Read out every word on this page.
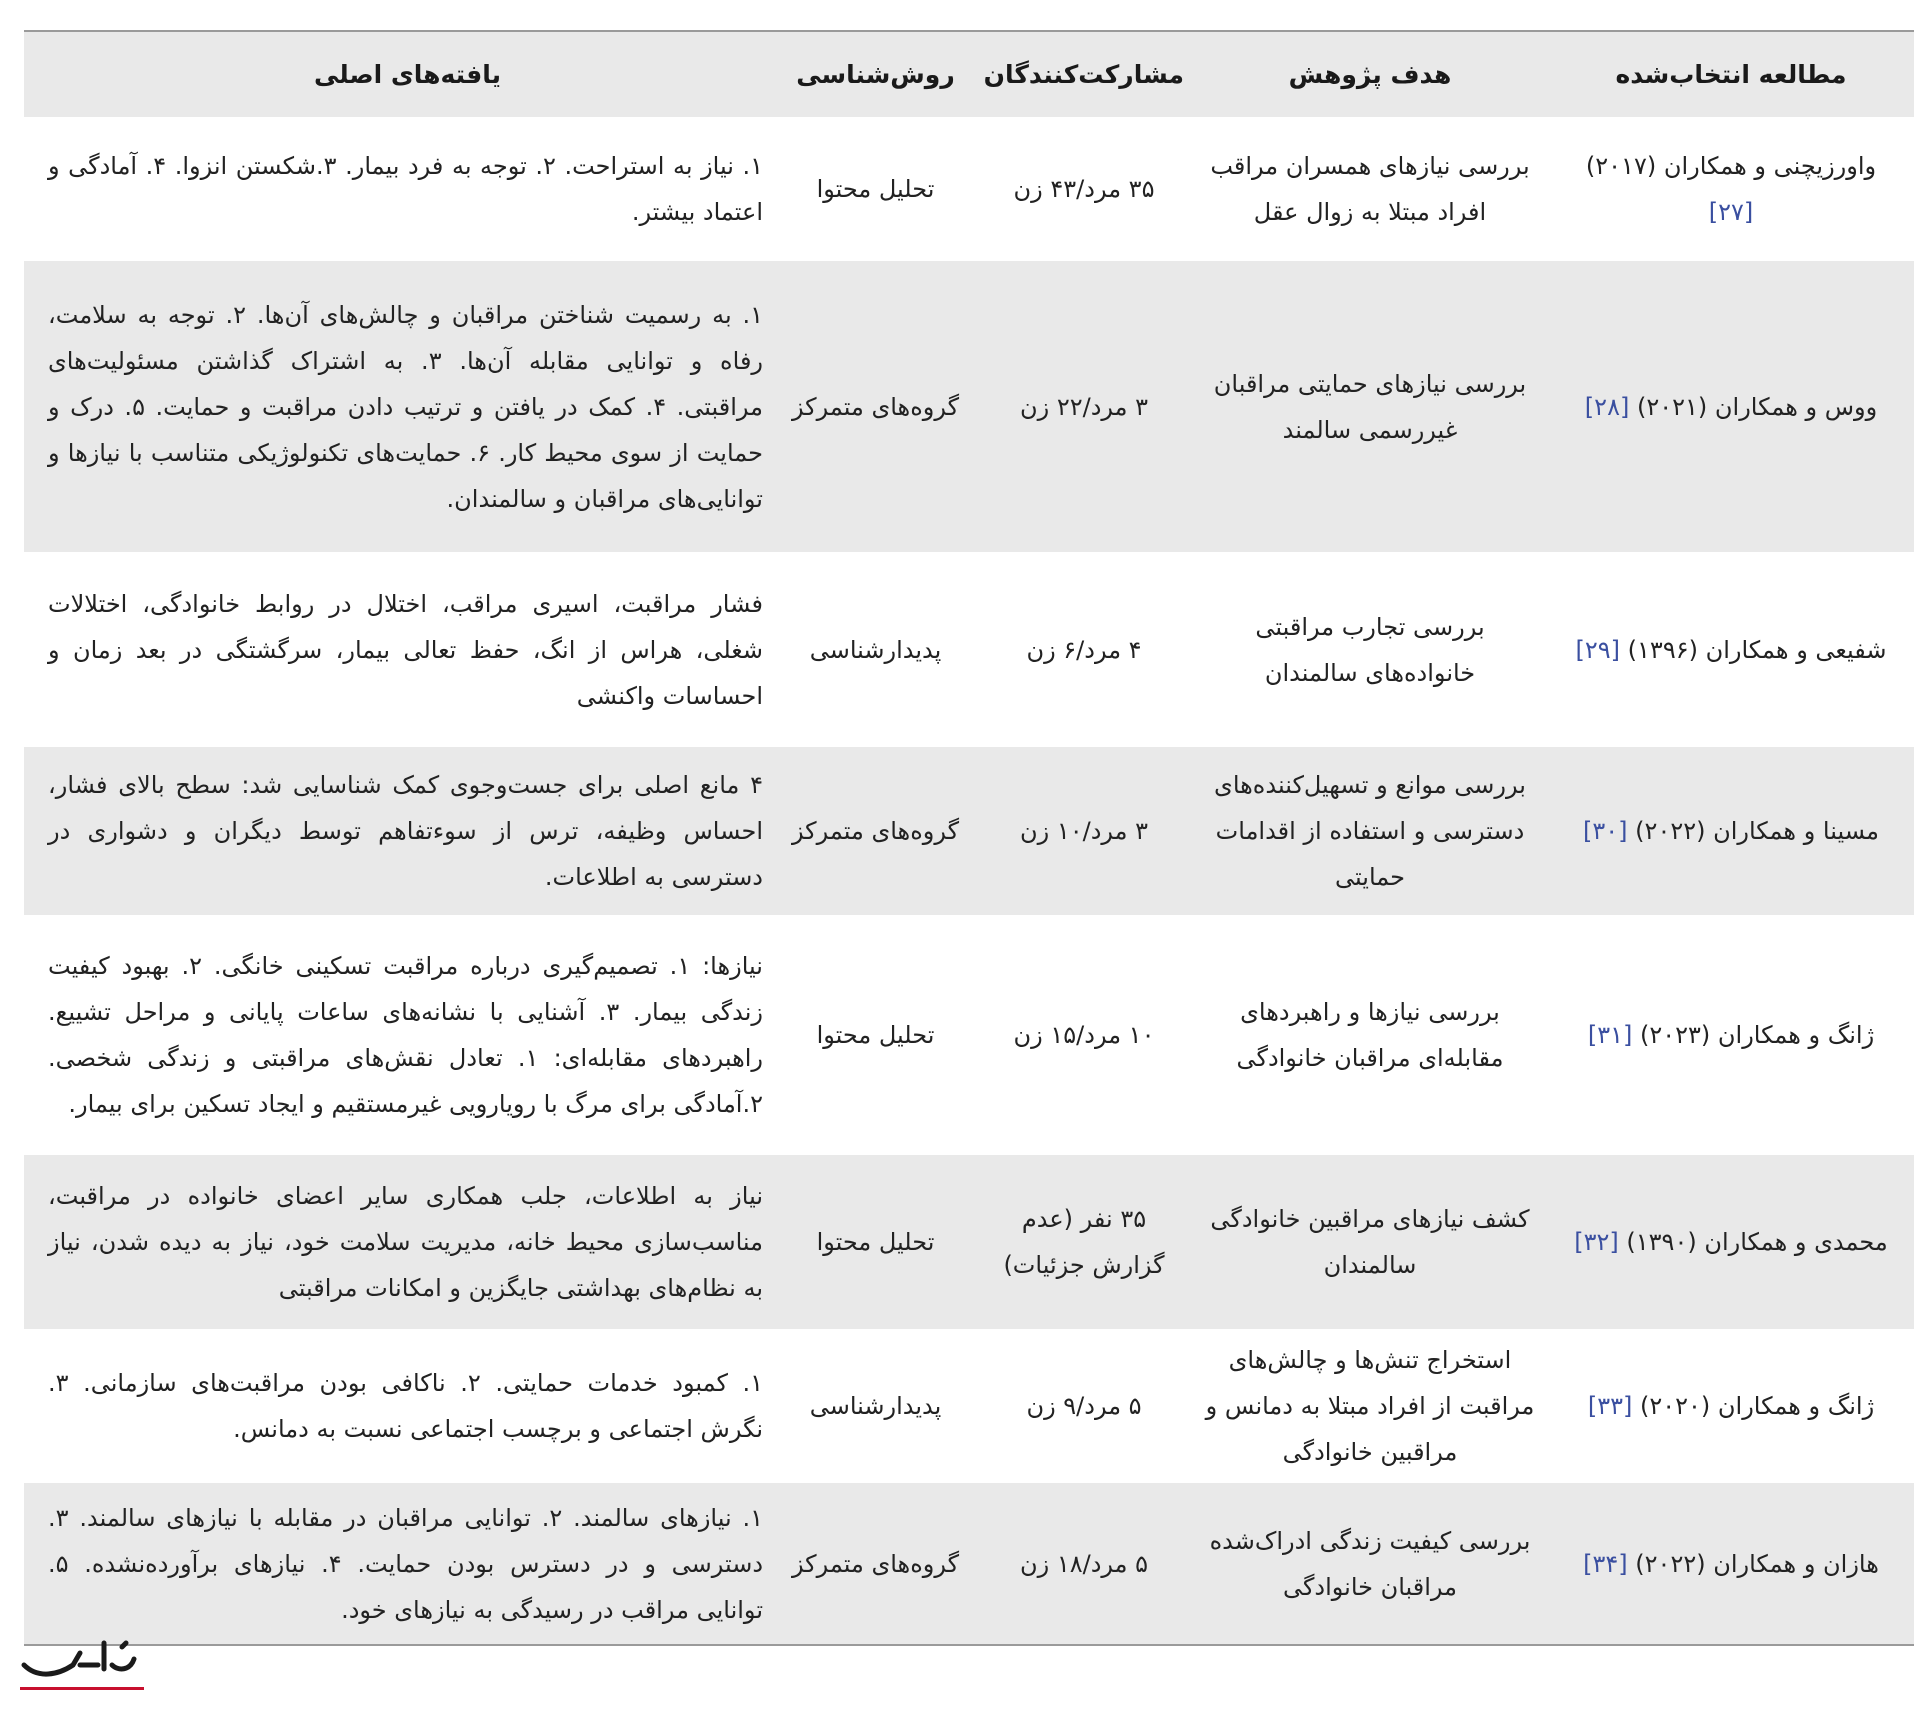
مطالعه انتخاب‌شده	هدف پژوهش	مشارکت‌کنندگان	روش‌شناسی	یافته‌های اصلی
واورزیچنی و همکاران (۲۰۱۷) [۲۷]	بررسی نیازهای همسران مراقب افراد مبتلا به زوال عقل	۳۵ مرد/۴۳ زن	تحلیل محتوا	۱. نیاز به استراحت. ۲. توجه به فرد بیمار. ۳.شکستن انزوا. ۴. آمادگی و اعتماد بیشتر.
ووس و همکاران (۲۰۲۱) [۲۸]	بررسی نیازهای حمایتی مراقبان غیررسمی سالمند	۳ مرد/۲۲ زن	گروه‌های متمرکز	۱. به رسمیت شناختن مراقبان و چالش‌های آن‌ها. ۲. توجه به سلامت، رفاه و توانایی مقابله آن‌ها. ۳. به اشتراک گذاشتن مسئولیت‌های مراقبتی. ۴. کمک در یافتن و ترتیب دادن مراقبت و حمایت. ۵. درک و حمایت از سوی محیط کار. ۶. حمایت‌های تکنولوژیکی متناسب با نیازها و توانایی‌های مراقبان و سالمندان.
شفیعی و همکاران (۱۳۹۶) [۲۹]	بررسی تجارب مراقبتی خانواده‌های سالمندان	۴ مرد/۶ زن	پدیدارشناسی	فشار مراقبت، اسیری مراقب، اختلال در روابط خانوادگی، اختلالات شغلی، هراس از انگ، حفظ تعالی بیمار، سرگشتگی در بعد زمان و احساسات واکنشی
مسینا و همکاران (۲۰۲۲) [۳۰]	بررسی موانع و تسهیل‌کننده‌های دسترسی و استفاده از اقدامات حمایتی	۳ مرد/۱۰ زن	گروه‌های متمرکز	۴ مانع اصلی برای جست‌وجوی کمک شناسایی شد: سطح بالای فشار، احساس وظیفه، ترس از سوءتفاهم توسط دیگران و دشواری در دسترسی به اطلاعات.
ژانگ و همکاران (۲۰۲۳) [۳۱]	بررسی نیازها و راهبردهای مقابله‌ای مراقبان خانوادگی	۱۰ مرد/۱۵ زن	تحلیل محتوا	نیازها: ۱. تصمیم‌گیری درباره مراقبت تسکینی خانگی. ۲. بهبود کیفیت زندگی بیمار. ۳. آشنایی با نشانه‌های ساعات پایانی و مراحل تشییع. راهبردهای مقابله‌ای: ۱. تعادل نقش‌های مراقبتی و زندگی شخصی. ۲.آمادگی برای مرگ با رویارویی غیرمستقیم و ایجاد تسکین برای بیمار.
محمدی و همکاران (۱۳۹۰) [۳۲]	کشف نیازهای مراقبین خانوادگی سالمندان	۳۵ نفر (عدم گزارش جزئیات)	تحلیل محتوا	نیاز به اطلاعات، جلب همکاری سایر اعضای خانواده در مراقبت، مناسب‌سازی محیط خانه، مدیریت سلامت خود، نیاز به دیده شدن، نیاز به نظام‌های بهداشتی جایگزین و امکانات مراقبتی
ژانگ و همکاران (۲۰۲۰) [۳۳]	استخراج تنش‌ها و چالش‌های مراقبت از افراد مبتلا به دمانس و مراقبین خانوادگی	۵ مرد/۹ زن	پدیدارشناسی	۱. کمبود خدمات حمایتی. ۲. ناکافی بودن مراقبت‌های سازمانی. ۳. نگرش اجتماعی و برچسب اجتماعی نسبت به دمانس.
هازان و همکاران (۲۰۲۲) [۳۴]	بررسی کیفیت زندگی ادراک‌شده مراقبان خانوادگی	۵ مرد/۱۸ زن	گروه‌های متمرکز	۱. نیازهای سالمند. ۲. توانایی مراقبان در مقابله با نیازهای سالمند. ۳. دسترسی و در دسترس بودن حمایت. ۴. نیازهای برآورده‌نشده. ۵. توانایی مراقب در رسیدگی به نیازهای خود.
